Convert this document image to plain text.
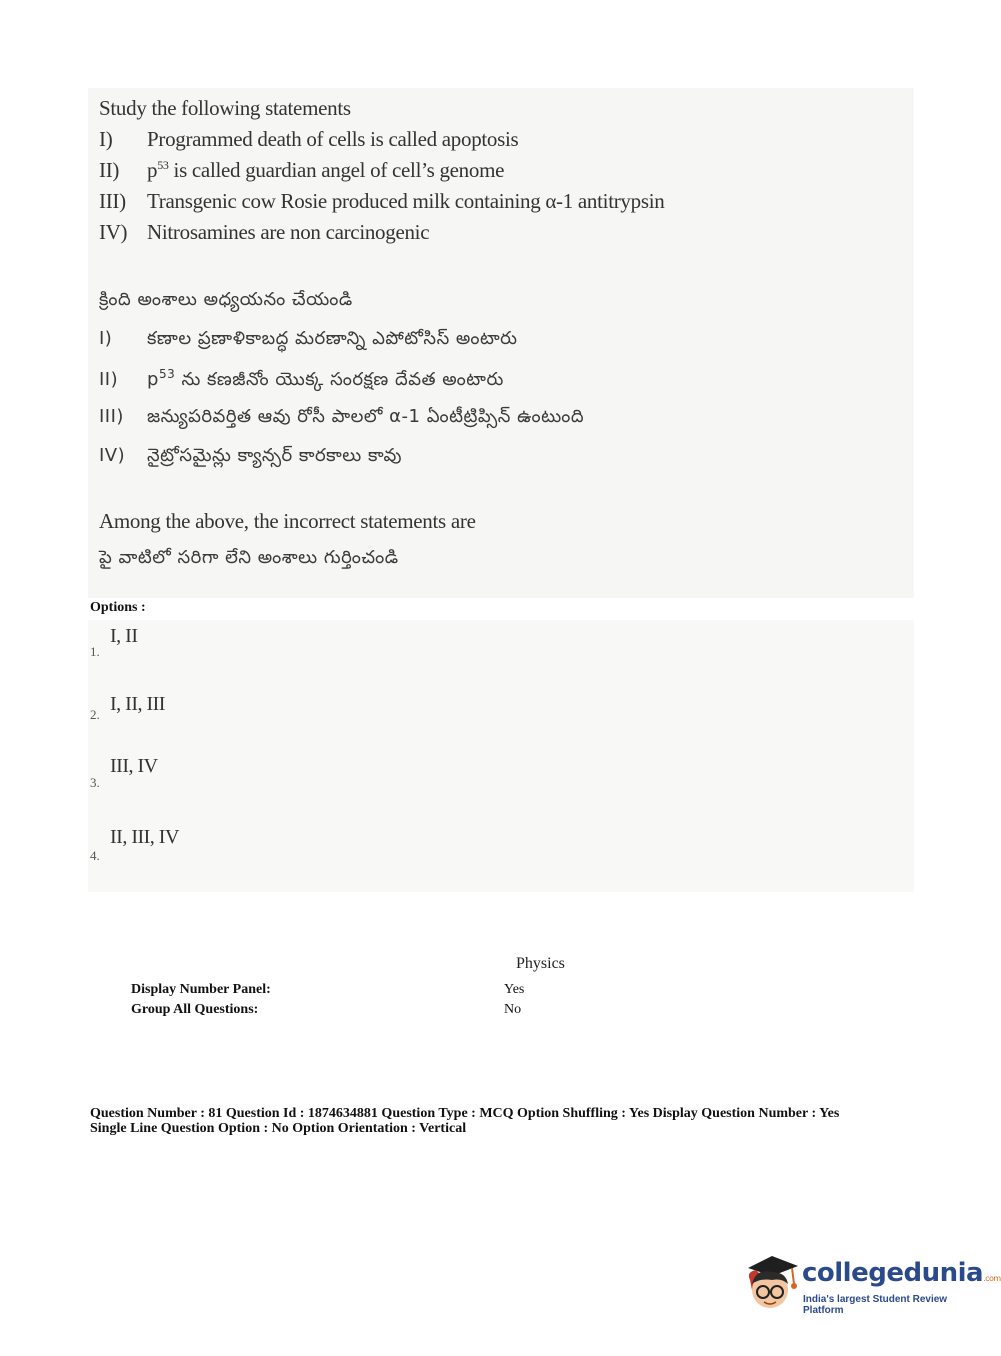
Study the following statements
I) Programmed death of cells is called apoptosis
II) $p^{53}$ is called guardian angel of cell’s genome
III) Transgenic cow Rosie produced milk containing α-1 antitrypsin
IV) Nitrosamines are non carcinogenic
క్రింది అంశాలు అధ్యయనం చేయండి
I) కణాల ప్రణాళికాబద్ధ మరణాన్ని ఎపోటోసిస్ అంటారు
II) $p^{53}$ ను కణజీనోం యొక్క సంరక్షణ దేవత అంటారు
III) జన్యుపరివర్తిత ఆవు రోసీ పాలలో α-1 ఏంటీట్రిప్సిన్ ఉంటుంది
IV) నైట్రోసమైన్లు క్యాన్సర్ కారకాలు కావు
Among the above, the incorrect statements are
పై వాటిలో సరిగా లేని అంశాలు గుర్తించండి
Options :
1.
I, II
2. I, II, III
3.
III, IV
4.
II, III, IV
Physics
Display Number Panel:	Yes
Group All Questions:	No
Question Number : 81 Question Id : 1874634881 Question Type : MCQ Option Shuffling : Yes Display Question Number : Yes
Single Line Question Option : No Option Orientation : Vertical
collegedunia.com
India's largest Student Review Platform
